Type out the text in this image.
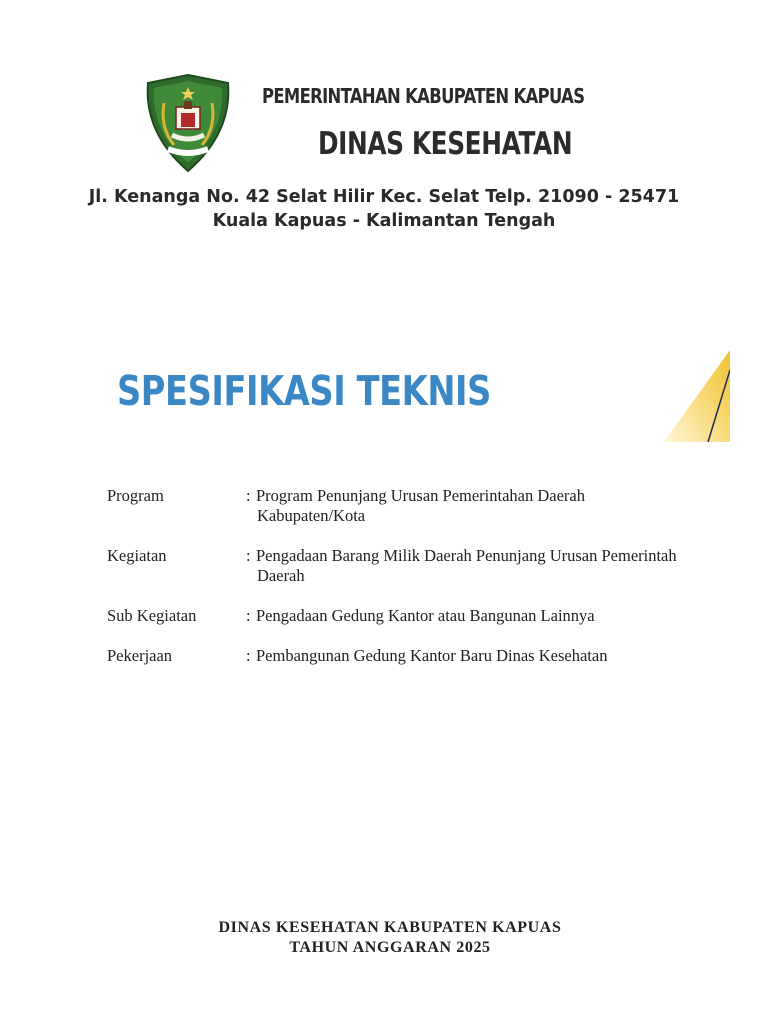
PEMERINTAHAN KABUPATEN KAPUAS
DINAS KESEHATAN
Jl. Kenanga No. 42 Selat Hilir Kec. Selat Telp. 21090 - 25471
Kuala Kapuas - Kalimantan Tengah
SPESIFIKASI TEKNIS
Program	:	Program Penunjang Urusan Pemerintahan Daerah
Kabupaten/Kota

Kegiatan	:	Pengadaan Barang Milik Daerah Penunjang Urusan Pemerintah
Daerah

Sub Kegiatan	:	Pengadaan Gedung Kantor atau Bangunan Lainnya

Pekerjaan	:	Pembangunan Gedung Kantor Baru Dinas Kesehatan
DINAS KESEHATAN KABUPATEN KAPUAS
TAHUN ANGGARAN 2025
